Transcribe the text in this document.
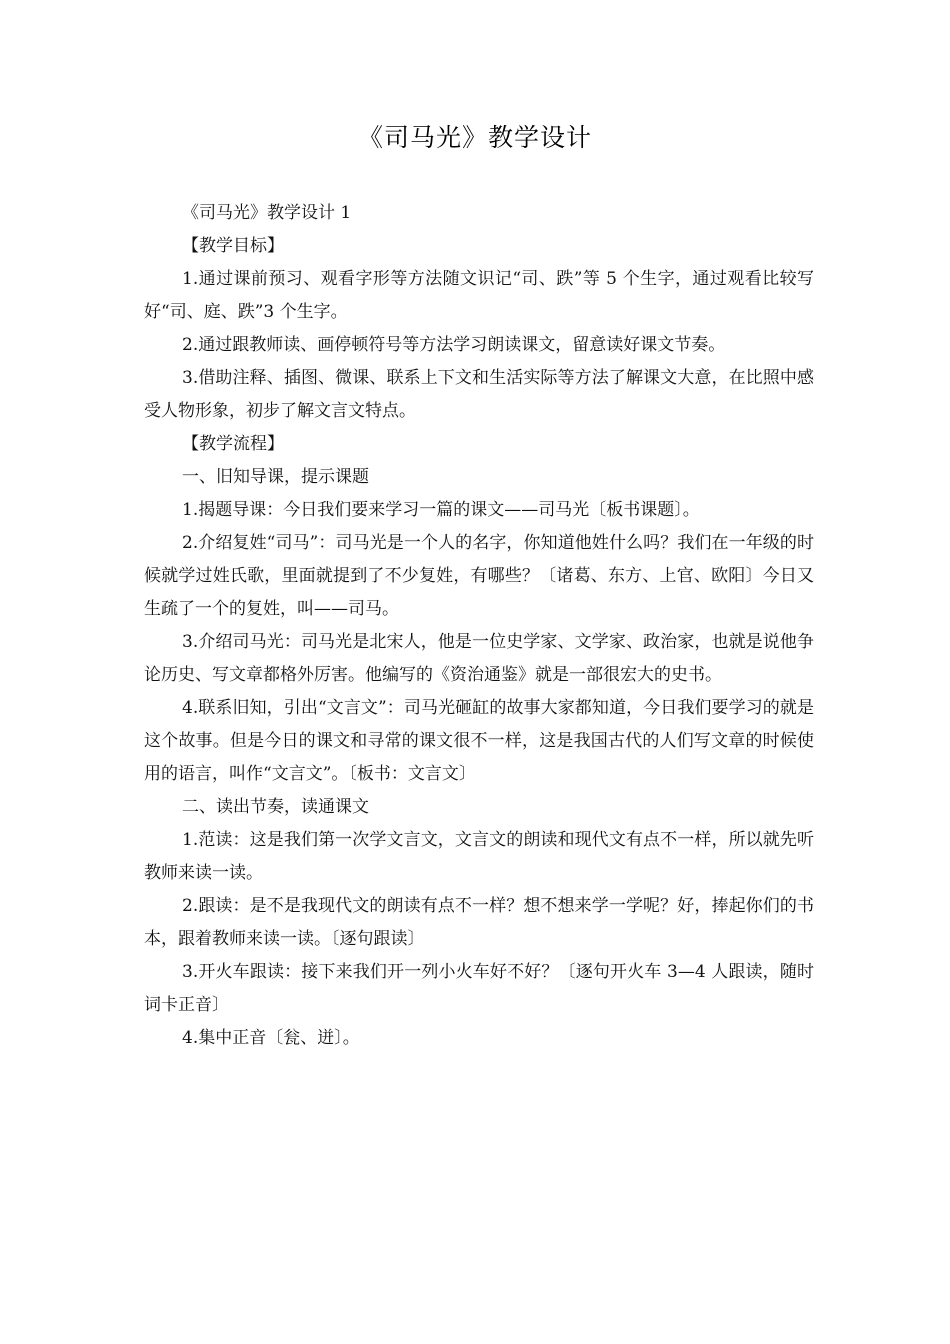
《司马光》教学设计

《司马光》教学设计 1

【教学目标】

1.通过课前预习、观看字形等方法随文识记“司、跌”等 5 个生字，通过观看比较写好“司、庭、跌”3 个生字。

2.通过跟教师读、画停顿符号等方法学习朗读课文，留意读好课文节奏。

3.借助注释、插图、微课、联系上下文和生活实际等方法了解课文大意，在比照中感受人物形象，初步了解文言文特点。

【教学流程】

一、旧知导课，提示课题

1.揭题导课：今日我们要来学习一篇的课文——司马光〔板书课题〕。

2.介绍复姓“司马”：司马光是一个人的名字，你知道他姓什么吗？我们在一年级的时候就学过姓氏歌，里面就提到了不少复姓，有哪些？〔诸葛、东方、上官、欧阳〕今日又生疏了一个的复姓，叫——司马。

3.介绍司马光：司马光是北宋人，他是一位史学家、文学家、政治家，也就是说他争论历史、写文章都格外厉害。他编写的《资治通鉴》就是一部很宏大的史书。

4.联系旧知，引出“文言文”：司马光砸缸的故事大家都知道，今日我们要学习的就是这个故事。但是今日的课文和寻常的课文很不一样，这是我国古代的人们写文章的时候使用的语言，叫作“文言文”。〔板书：文言文〕

二、读出节奏，读通课文

1.范读：这是我们第一次学文言文，文言文的朗读和现代文有点不一样，所以就先听教师来读一读。

2.跟读：是不是我现代文的朗读有点不一样？想不想来学一学呢？好，捧起你们的书本，跟着教师来读一读。〔逐句跟读〕

3.开火车跟读：接下来我们开一列小火车好不好？〔逐句开火车 3—4 人跟读，随时词卡正音〕

4.集中正音〔瓮、迸〕。
